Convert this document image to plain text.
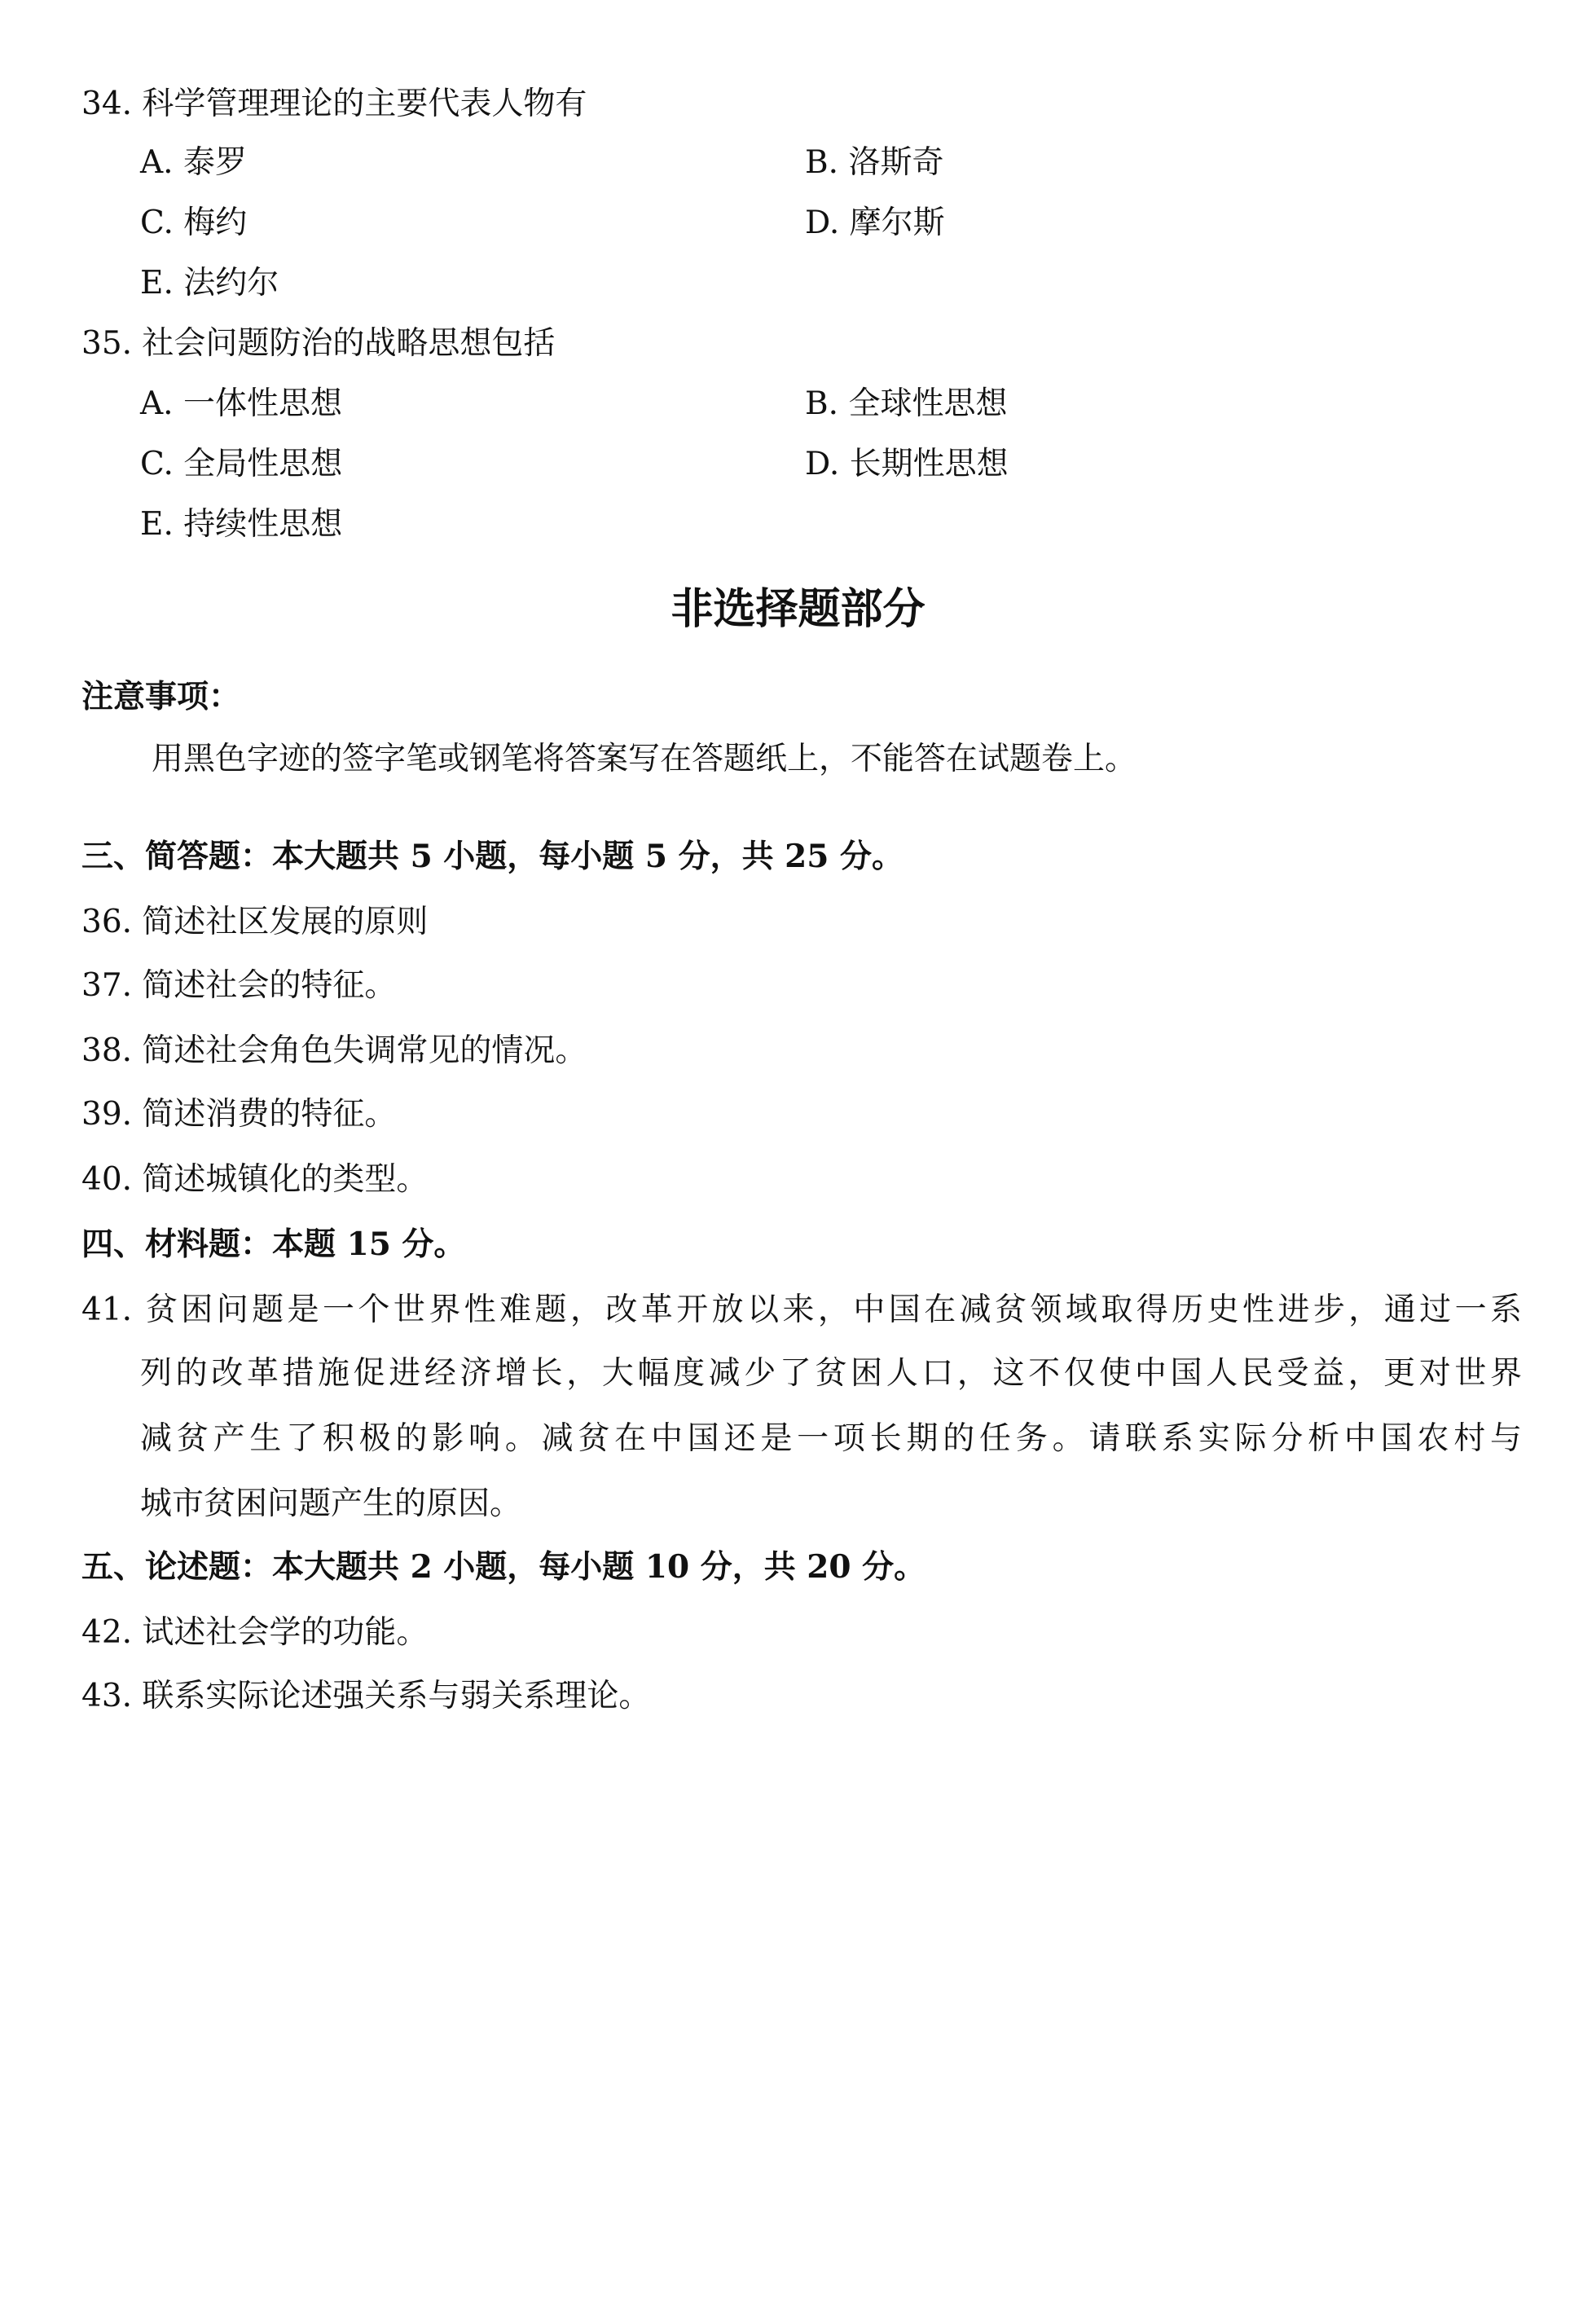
34. 科学管理理论的主要代表人物有
A. 泰罗	B. 洛斯奇
C. 梅约	D. 摩尔斯
E. 法约尔
35. 社会问题防治的战略思想包括
A. 一体性思想	B. 全球性思想
C. 全局性思想	D. 长期性思想
E. 持续性思想
非选择题部分
注意事项：
用黑色字迹的签字笔或钢笔将答案写在答题纸上，不能答在试题卷上。
三、简答题：本大题共 5 小题，每小题 5 分，共 25 分。
36. 简述社区发展的原则
37. 简述社会的特征。
38. 简述社会角色失调常见的情况。
39. 简述消费的特征。
40. 简述城镇化的类型。
四、材料题：本题 15 分。
41. 贫困问题是一个世界性难题，改革开放以来，中国在减贫领域取得历史性进步，通过一系
列的改革措施促进经济增长，大幅度减少了贫困人口，这不仅使中国人民受益，更对世界
减贫产生了积极的影响。减贫在中国还是一项长期的任务。请联系实际分析中国农村与
城市贫困问题产生的原因。
五、论述题：本大题共 2 小题，每小题 10 分，共 20 分。
42. 试述社会学的功能。
43. 联系实际论述强关系与弱关系理论。
